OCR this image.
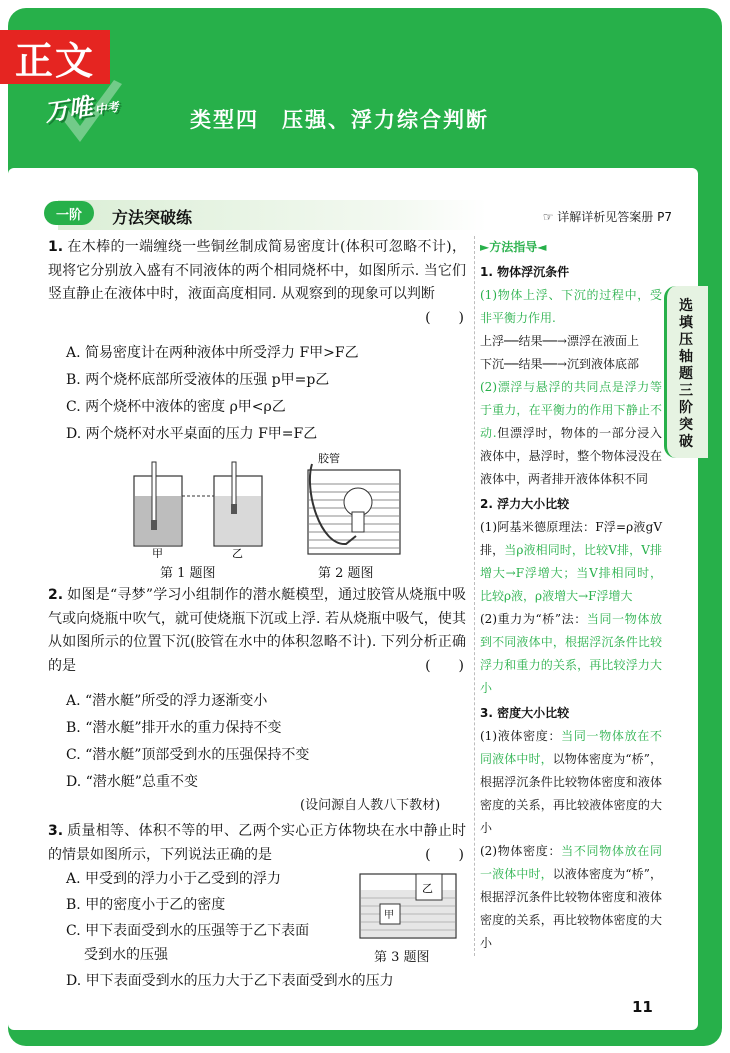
正文
万唯中考	类型四　压强、浮力综合判断
一阶	方法突破练	☞ 详解详析见答案册 P7
1. 在木棒的一端缠绕一些铜丝制成简易密度计(体积可忽略不计)，现将它分别放入盛有不同液体的两个相同烧杯中，如图所示. 当它们竖直静止在液体中时，液面高度相同. 从观察到的现象可以判断
(　　)
A. 简易密度计在两种液体中所受浮力 F甲>F乙
B. 两个烧杯底部所受液体的压强 p甲=p乙
C. 两个烧杯中液体的密度 ρ甲<ρ乙
D. 两个烧杯对水平桌面的压力 F甲=F乙
甲	乙
第 1 题图
胶管
第 2 题图
2. 如图是“寻梦”学习小组制作的潜水艇模型，通过胶管从烧瓶中吸气或向烧瓶中吹气，就可使烧瓶下沉或上浮. 若从烧瓶中吸气，使其从如图所示的位置下沉(胶管在水中的体积忽略不计). 下列分析正确的是	(　　)
A. “潜水艇”所受的浮力逐渐变小
B. “潜水艇”排开水的重力保持不变
C. “潜水艇”顶部受到水的压强保持不变
D. “潜水艇”总重不变
(设问源自人教八下教材)
3. 质量相等、体积不等的甲、乙两个实心正方体物块在水中静止时的情景如图所示，下列说法正确的是	(　　)
A. 甲受到的浮力小于乙受到的浮力
B. 甲的密度小于乙的密度
C. 甲下表面受到水的压强等于乙下表面
受到水的压强
D. 甲下表面受到水的压力大于乙下表面受到水的压力
甲
乙
第 3 题图
►方法指导◄
1. 物体浮沉条件

(1)物体上浮、下沉的过程中，受非平衡力作用.

上浮──结果──→漂浮在液面上

下沉──结果──→沉到液体底部

(2)漂浮与悬浮的共同点是浮力等于重力，在平衡力的作用下静止不动.但漂浮时，物体的一部分浸入液体中，悬浮时，整个物体浸没在液体中，两者排开液体体积不同

2. 浮力大小比较

(1)阿基米德原理法：F浮=ρ液gV排，当ρ液相同时，比较V排，V排增大→F浮增大；当V排相同时，比较ρ液，ρ液增大→F浮增大

(2)重力为“桥”法：当同一物体放到不同液体中，根据浮沉条件比较浮力和重力的关系，再比较浮力大小

3. 密度大小比较

(1)液体密度：当同一物体放在不同液体中时，以物体密度为“桥”，根据浮沉条件比较物体密度和液体密度的关系，再比较液体密度的大小

(2)物体密度：当不同物体放在同一液体中时，以液体密度为“桥”，根据浮沉条件比较物体密度和液体密度的关系，再比较物体密度的大小

选填压轴题三阶突破
11
